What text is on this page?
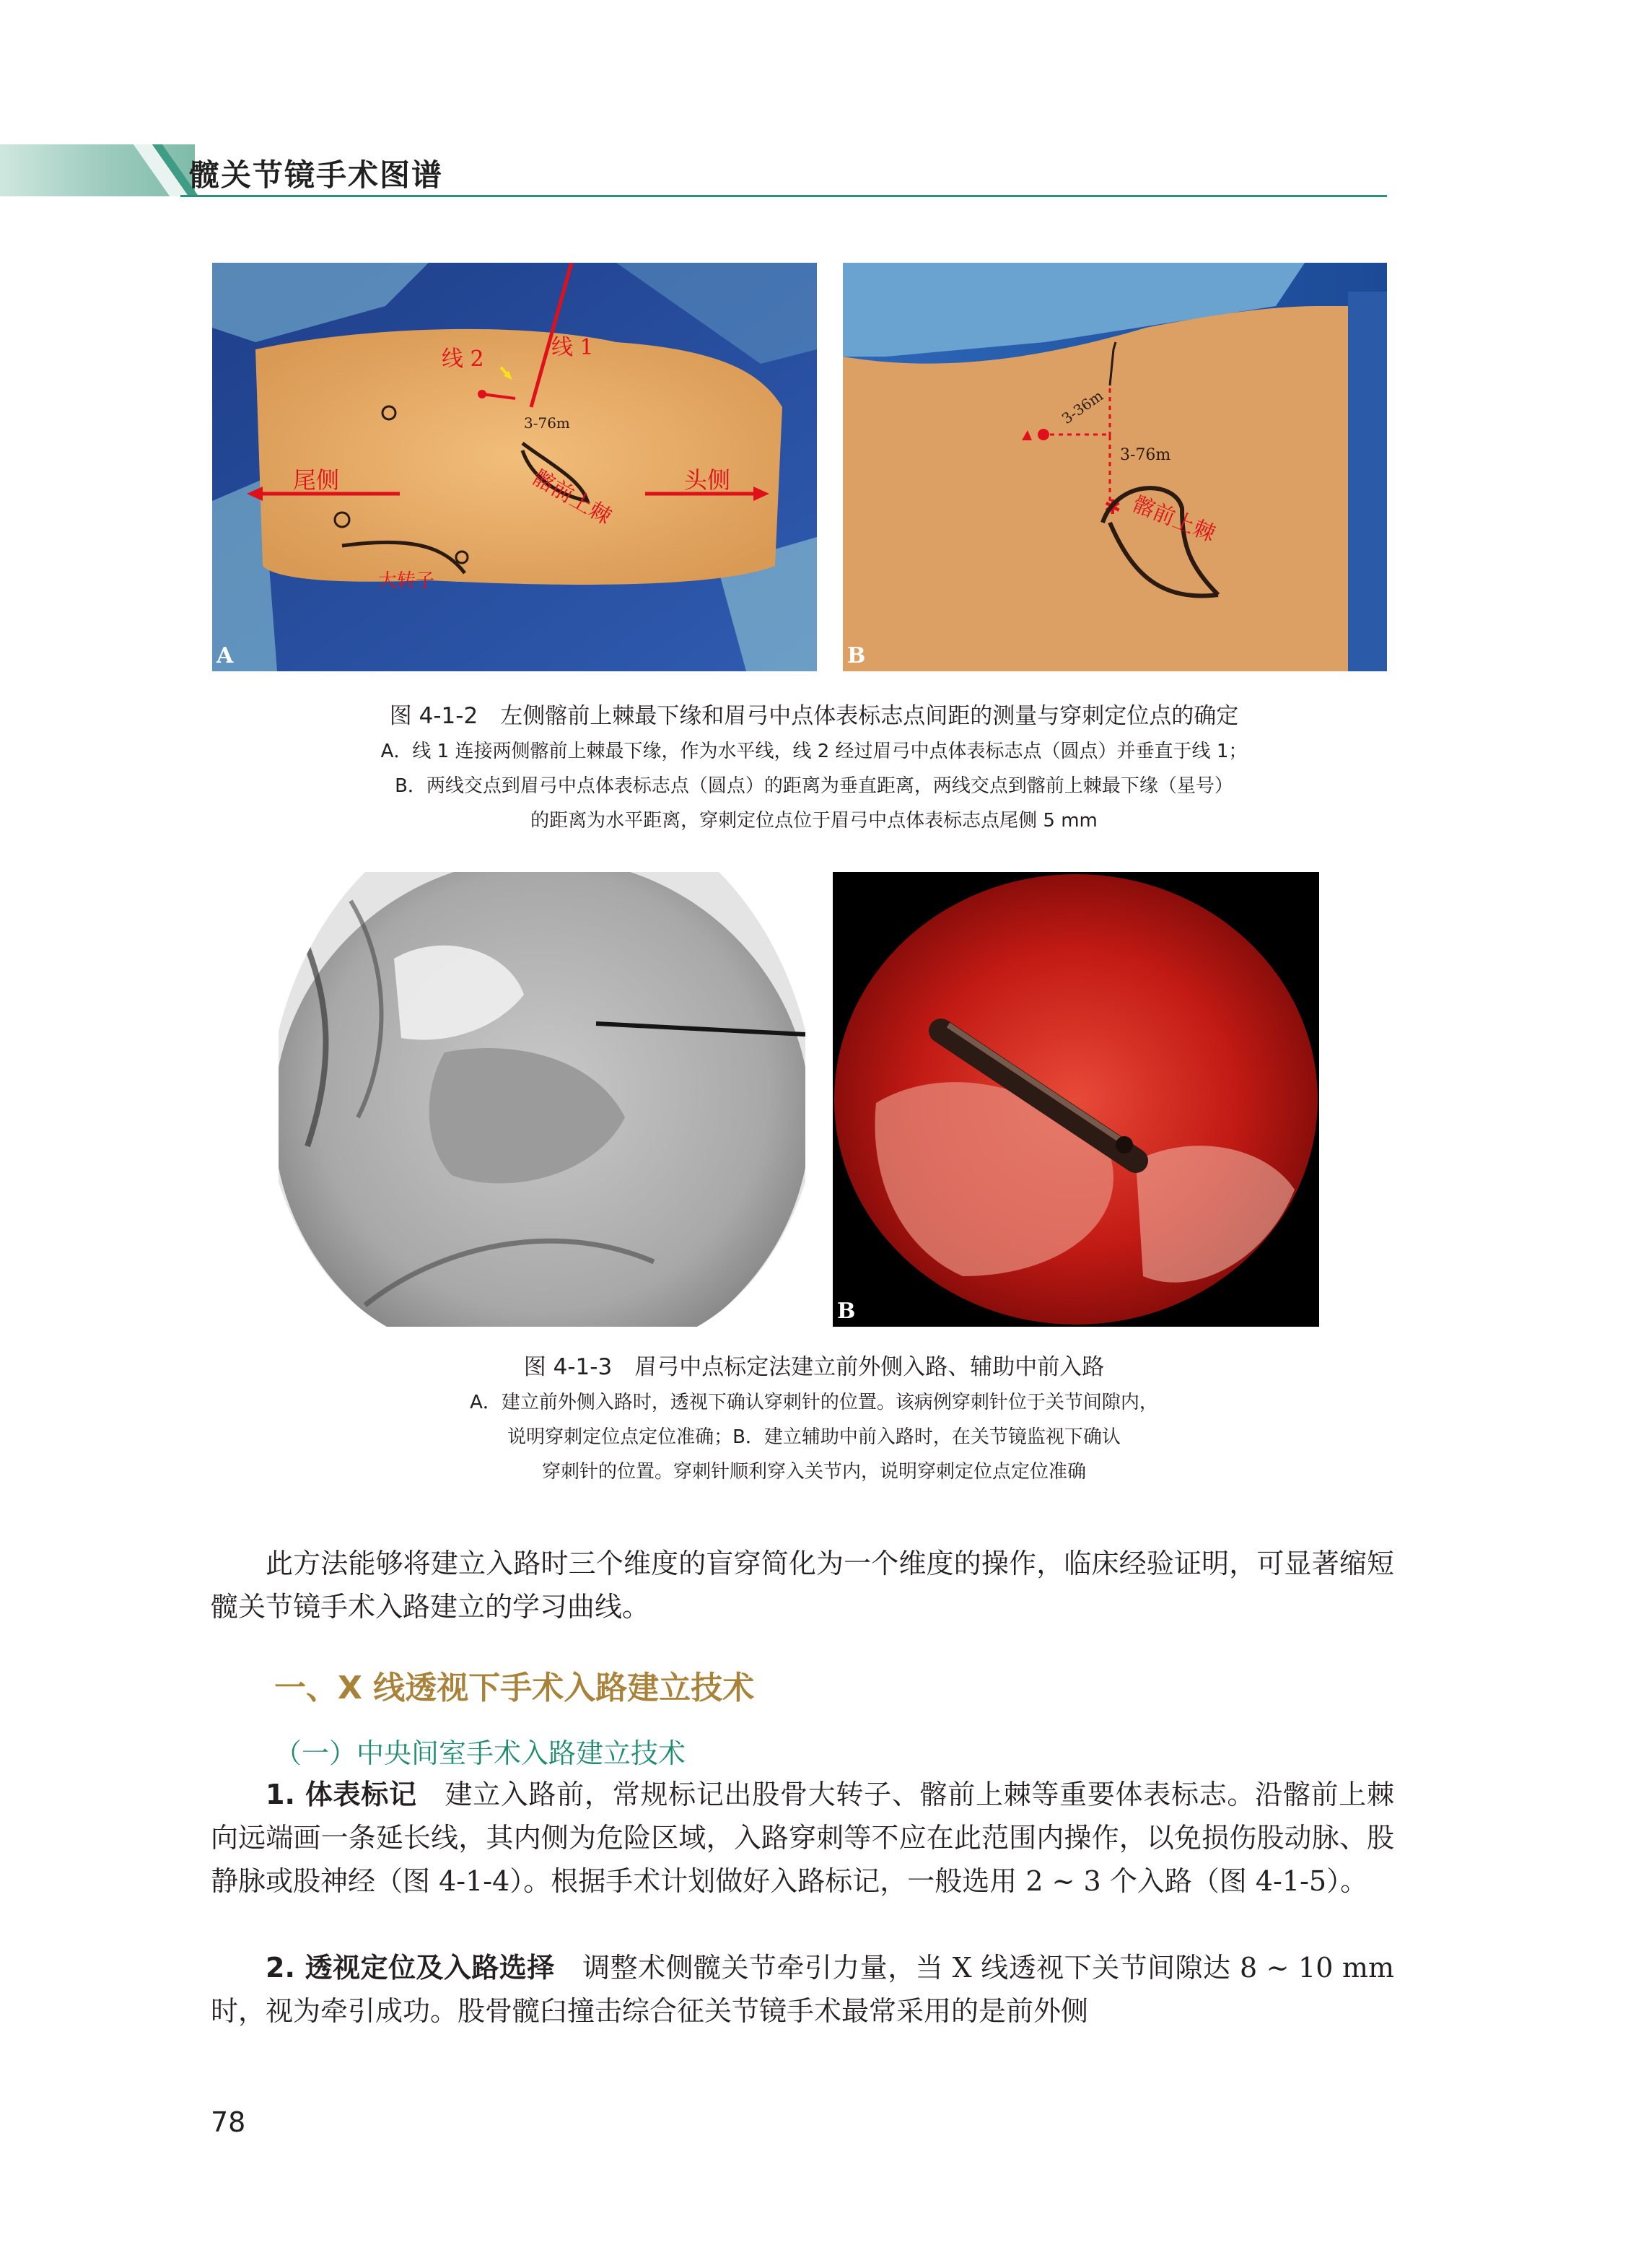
髋关节镜手术图谱
线 1
线 2
3-76m
尾侧	头侧
髂前上棘
大转子
A
✱
3-36m
3-76m
髂前上棘
B
图 4-1-2　左侧髂前上棘最下缘和眉弓中点体表标志点间距的测量与穿刺定位点的确定
A．线 1 连接两侧髂前上棘最下缘，作为水平线，线 2 经过眉弓中点体表标志点（圆点）并垂直于线 1；
B．两线交点到眉弓中点体表标志点（圆点）的距离为垂直距离，两线交点到髂前上棘最下缘（星号）
的距离为水平距离，穿刺定位点位于眉弓中点体表标志点尾侧 5 mm
A	B
图 4-1-3　眉弓中点标定法建立前外侧入路、辅助中前入路
A．建立前外侧入路时，透视下确认穿刺针的位置。该病例穿刺针位于关节间隙内，
说明穿刺定位点定位准确；B．建立辅助中前入路时，在关节镜监视下确认
穿刺针的位置。穿刺针顺利穿入关节内，说明穿刺定位点定位准确
此方法能够将建立入路时三个维度的盲穿简化为一个维度的操作，临床经验证明，可显著缩短髋关节镜手术入路建立的学习曲线。
一、X 线透视下手术入路建立技术
（一）中央间室手术入路建立技术
1. 体表标记　建立入路前，常规标记出股骨大转子、髂前上棘等重要体表标志。沿髂前上棘向远端画一条延长线，其内侧为危险区域，入路穿刺等不应在此范围内操作，以免损伤股动脉、股静脉或股神经（图 4-1-4）。根据手术计划做好入路标记，一般选用 2 ~ 3 个入路（图 4-1-5）。
2. 透视定位及入路选择　调整术侧髋关节牵引力量，当 X 线透视下关节间隙达 8 ~ 10 mm 时，视为牵引成功。股骨髋臼撞击综合征关节镜手术最常采用的是前外侧
78
